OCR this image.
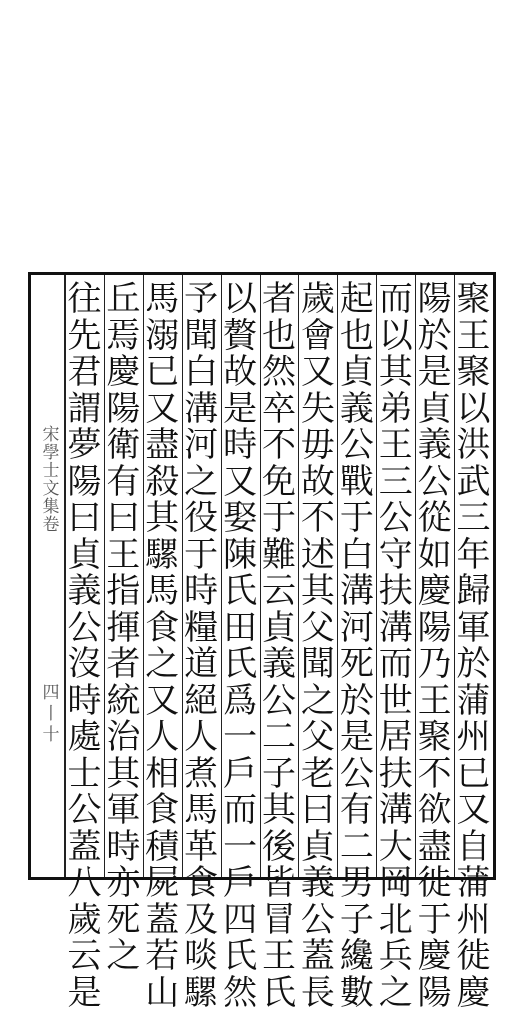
宋學士文集卷
四丨十
聚
王
聚
以
洪
武
三
年
歸
軍
於
蒲
州
已
又
自
蒲
州
徙
慶
陽
於
是
貞
義
公
從
如
慶
陽
乃
王
聚
不
欲
盡
徙
于
慶
陽
而
以
其
弟
王
三
公
守
扶
溝
而
世
居
扶
溝
大
岡
北
兵
之
起
也
貞
義
公
戰
于
白
溝
河
死
於
是
公
有
二
男
子
纔
數
歲
會
又
失
毋
故
不
述
其
父
聞
之
父
老
曰
貞
義
公
蓋
長
者
也
然
卒
不
免
于
難
云
貞
義
公
二
子
其
後
皆
冒
王
氏
以
贅
故
是
時
又
娶
陳
氏
田
氏
爲
一
戶
而
一
戶
四
氏
然
予
聞
白
溝
河
之
役
于
時
糧
道
絕
人
煮
馬
革
食
及
啖
騾
馬
溺
已
又
盡
殺
其
騾
馬
食
之
又
人
相
食
積
屍
蓋
若
山
丘
焉
慶
陽
衛
有
曰
王
指
揮
者
統
治
其
軍
時
亦
死
之
往
先
君
謂
夢
陽
曰
貞
義
公
沒
時
處
士
公
蓋
八
歲
云
是
